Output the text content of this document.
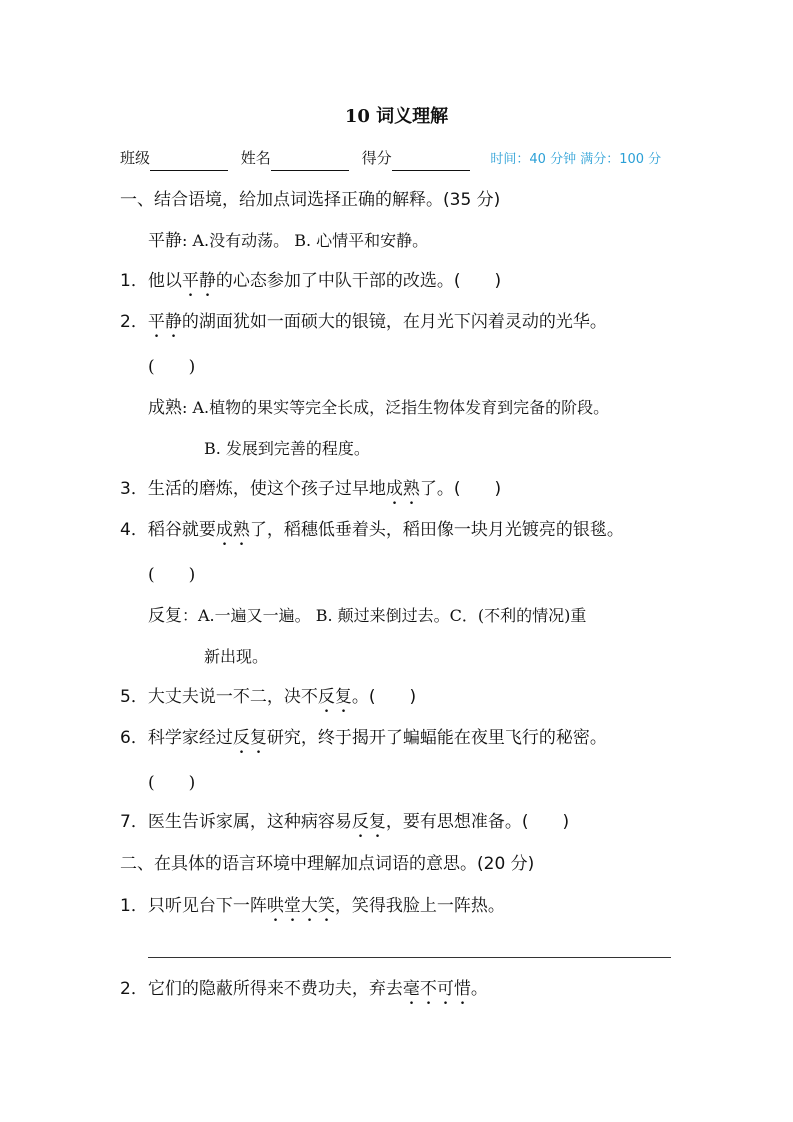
10 词义理解
班级	姓名	得分	时间：40 分钟 满分：100 分
一、结合语境，给加点词选择正确的解释。(35 分)
平静: A.没有动荡。 B. 心情平和安静。
1．他以平静的心态参加了中队干部的改选。(　　)
2．平静的湖面犹如一面硕大的银镜，在月光下闪着灵动的光华。
(　　)
成熟: A.植物的果实等完全长成，泛指生物体发育到完备的阶段。
B. 发展到完善的程度。
3．生活的磨炼，使这个孩子过早地成熟了。(　　)
4．稻谷就要成熟了，稻穗低垂着头，稻田像一块月光镀亮的银毯。
(　　)
反复：A.一遍又一遍。 B. 颠过来倒过去。C．(不利的情况)重
新出现。
5．大丈夫说一不二，决不反复。(　　)
6．科学家经过反复研究，终于揭开了蝙蝠能在夜里飞行的秘密。
(　　)
7．医生告诉家属，这种病容易反复，要有思想准备。(　　)
二、在具体的语言环境中理解加点词语的意思。(20 分)
1．只听见台下一阵哄堂大笑，笑得我脸上一阵热。
2．它们的隐蔽所得来不费功夫，弃去毫不可惜。
